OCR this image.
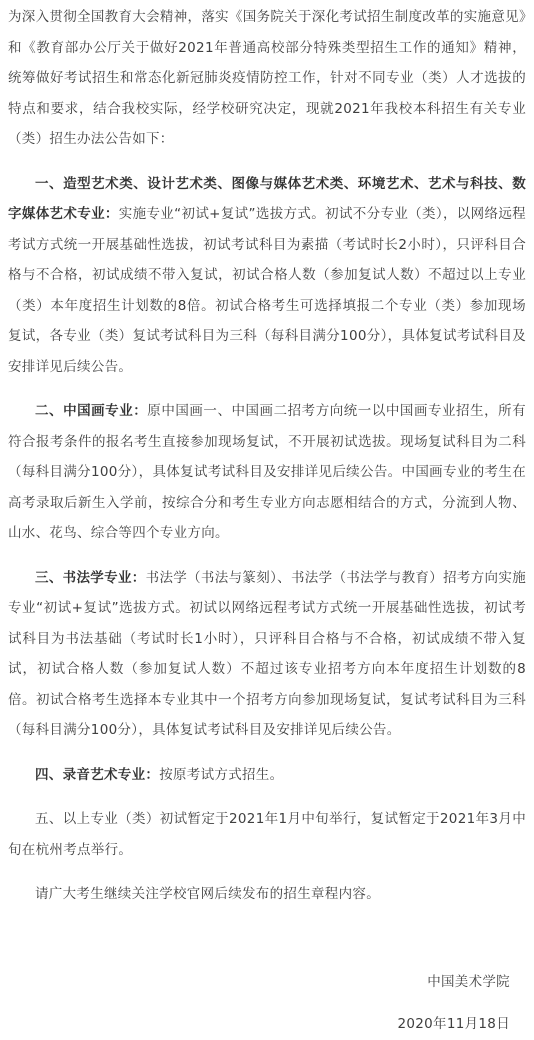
为深入贯彻全国教育大会精神，落实《国务院关于深化考试招生制度改革的实施意见》和《教育部办公厅关于做好2021年普通高校部分特殊类型招生工作的通知》精神，统筹做好考试招生和常态化新冠肺炎疫情防控工作，针对不同专业（类）人才选拔的特点和要求，结合我校实际，经学校研究决定，现就2021年我校本科招生有关专业（类）招生办法公告如下：

一、造型艺术类、设计艺术类、图像与媒体艺术类、环境艺术、艺术与科技、数字媒体艺术专业：实施专业“初试+复试”选拔方式。初试不分专业（类），以网络远程考试方式统一开展基础性选拔，初试考试科目为素描（考试时长2小时），只评科目合格与不合格，初试成绩不带入复试，初试合格人数（参加复试人数）不超过以上专业（类）本年度招生计划数的8倍。初试合格考生可选择填报二个专业（类）参加现场复试，各专业（类）复试考试科目为三科（每科目满分100分），具体复试考试科目及安排详见后续公告。

二、中国画专业：原中国画一、中国画二招考方向统一以中国画专业招生，所有符合报考条件的报名考生直接参加现场复试，不开展初试选拔。现场复试科目为二科（每科目满分100分），具体复试考试科目及安排详见后续公告。中国画专业的考生在高考录取后新生入学前，按综合分和考生专业方向志愿相结合的方式，分流到人物、山水、花鸟、综合等四个专业方向。

三、书法学专业：书法学（书法与篆刻）、书法学（书法学与教育）招考方向实施专业“初试+复试”选拔方式。初试以网络远程考试方式统一开展基础性选拔，初试考试科目为书法基础（考试时长1小时），只评科目合格与不合格，初试成绩不带入复试，初试合格人数（参加复试人数）不超过该专业招考方向本年度招生计划数的8倍。初试合格考生选择本专业其中一个招考方向参加现场复试，复试考试科目为三科（每科目满分100分），具体复试考试科目及安排详见后续公告。

四、录音艺术专业：按原考试方式招生。

五、以上专业（类）初试暂定于2021年1月中旬举行，复试暂定于2021年3月中旬在杭州考点举行。

请广大考生继续关注学校官网后续发布的招生章程内容。

中国美术学院

2020年11月18日
